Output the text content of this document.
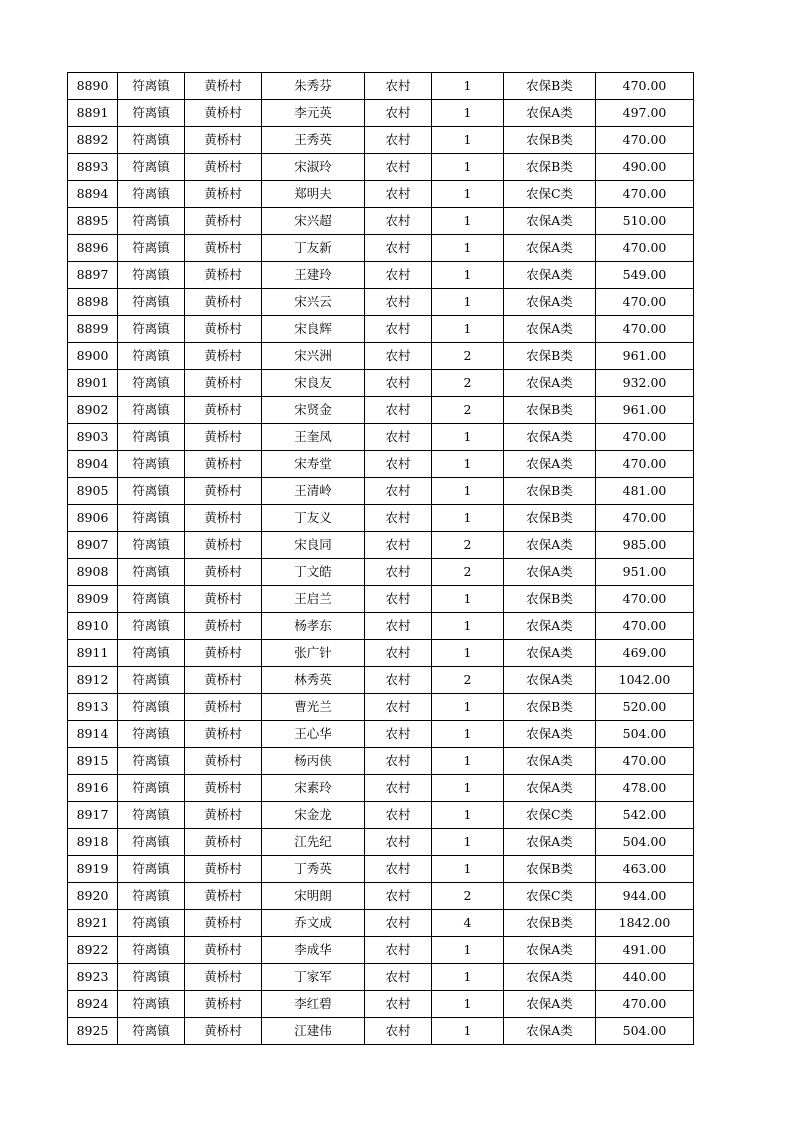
8890	符离镇	黄桥村	朱秀芬	农村	1	农保B类	470.00
8891	符离镇	黄桥村	李元英	农村	1	农保A类	497.00
8892	符离镇	黄桥村	王秀英	农村	1	农保B类	470.00
8893	符离镇	黄桥村	宋淑玲	农村	1	农保B类	490.00
8894	符离镇	黄桥村	郑明夫	农村	1	农保C类	470.00
8895	符离镇	黄桥村	宋兴超	农村	1	农保A类	510.00
8896	符离镇	黄桥村	丁友新	农村	1	农保A类	470.00
8897	符离镇	黄桥村	王建玲	农村	1	农保A类	549.00
8898	符离镇	黄桥村	宋兴云	农村	1	农保A类	470.00
8899	符离镇	黄桥村	宋良辉	农村	1	农保A类	470.00
8900	符离镇	黄桥村	宋兴洲	农村	2	农保B类	961.00
8901	符离镇	黄桥村	宋良友	农村	2	农保A类	932.00
8902	符离镇	黄桥村	宋贤金	农村	2	农保B类	961.00
8903	符离镇	黄桥村	王奎凤	农村	1	农保A类	470.00
8904	符离镇	黄桥村	宋寿堂	农村	1	农保A类	470.00
8905	符离镇	黄桥村	王清岭	农村	1	农保B类	481.00
8906	符离镇	黄桥村	丁友义	农村	1	农保B类	470.00
8907	符离镇	黄桥村	宋良同	农村	2	农保A类	985.00
8908	符离镇	黄桥村	丁文皓	农村	2	农保A类	951.00
8909	符离镇	黄桥村	王启兰	农村	1	农保B类	470.00
8910	符离镇	黄桥村	杨孝东	农村	1	农保A类	470.00
8911	符离镇	黄桥村	张广针	农村	1	农保A类	469.00
8912	符离镇	黄桥村	林秀英	农村	2	农保A类	1042.00
8913	符离镇	黄桥村	曹光兰	农村	1	农保B类	520.00
8914	符离镇	黄桥村	王心华	农村	1	农保A类	504.00
8915	符离镇	黄桥村	杨丙侠	农村	1	农保A类	470.00
8916	符离镇	黄桥村	宋素玲	农村	1	农保A类	478.00
8917	符离镇	黄桥村	宋金龙	农村	1	农保C类	542.00
8918	符离镇	黄桥村	江先纪	农村	1	农保A类	504.00
8919	符离镇	黄桥村	丁秀英	农村	1	农保B类	463.00
8920	符离镇	黄桥村	宋明朗	农村	2	农保C类	944.00
8921	符离镇	黄桥村	乔文成	农村	4	农保B类	1842.00
8922	符离镇	黄桥村	李成华	农村	1	农保A类	491.00
8923	符离镇	黄桥村	丁家军	农村	1	农保A类	440.00
8924	符离镇	黄桥村	李红碧	农村	1	农保A类	470.00
8925	符离镇	黄桥村	江建伟	农村	1	农保A类	504.00
